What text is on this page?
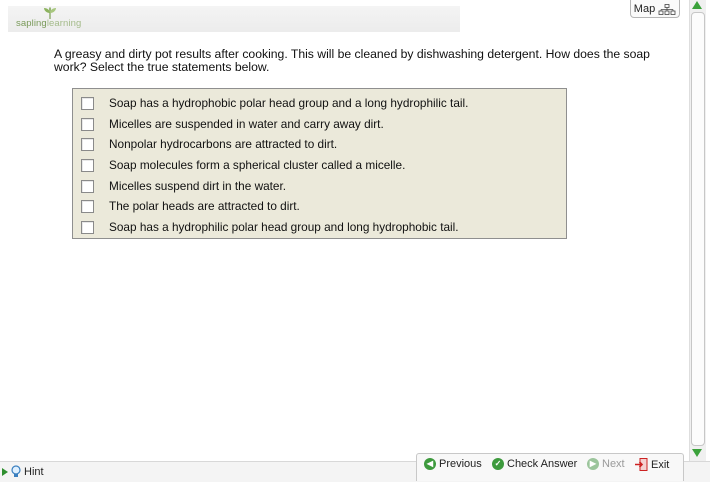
saplinglearning
Map
A greasy and dirty pot results after cooking. This will be cleaned by dishwashing detergent. How does the soap work? Select the true statements below.
Soap has a hydrophobic polar head group and a long hydrophilic tail.
Micelles are suspended in water and carry away dirt.
Nonpolar hydrocarbons are attracted to dirt.
Soap molecules form a spherical cluster called a micelle.
Micelles suspend dirt in the water.
The polar heads are attracted to dirt.
Soap has a hydrophilic polar head group and long hydrophobic tail.
Hint
◀ Previous	✓ Check Answer	▶ Next Exit
